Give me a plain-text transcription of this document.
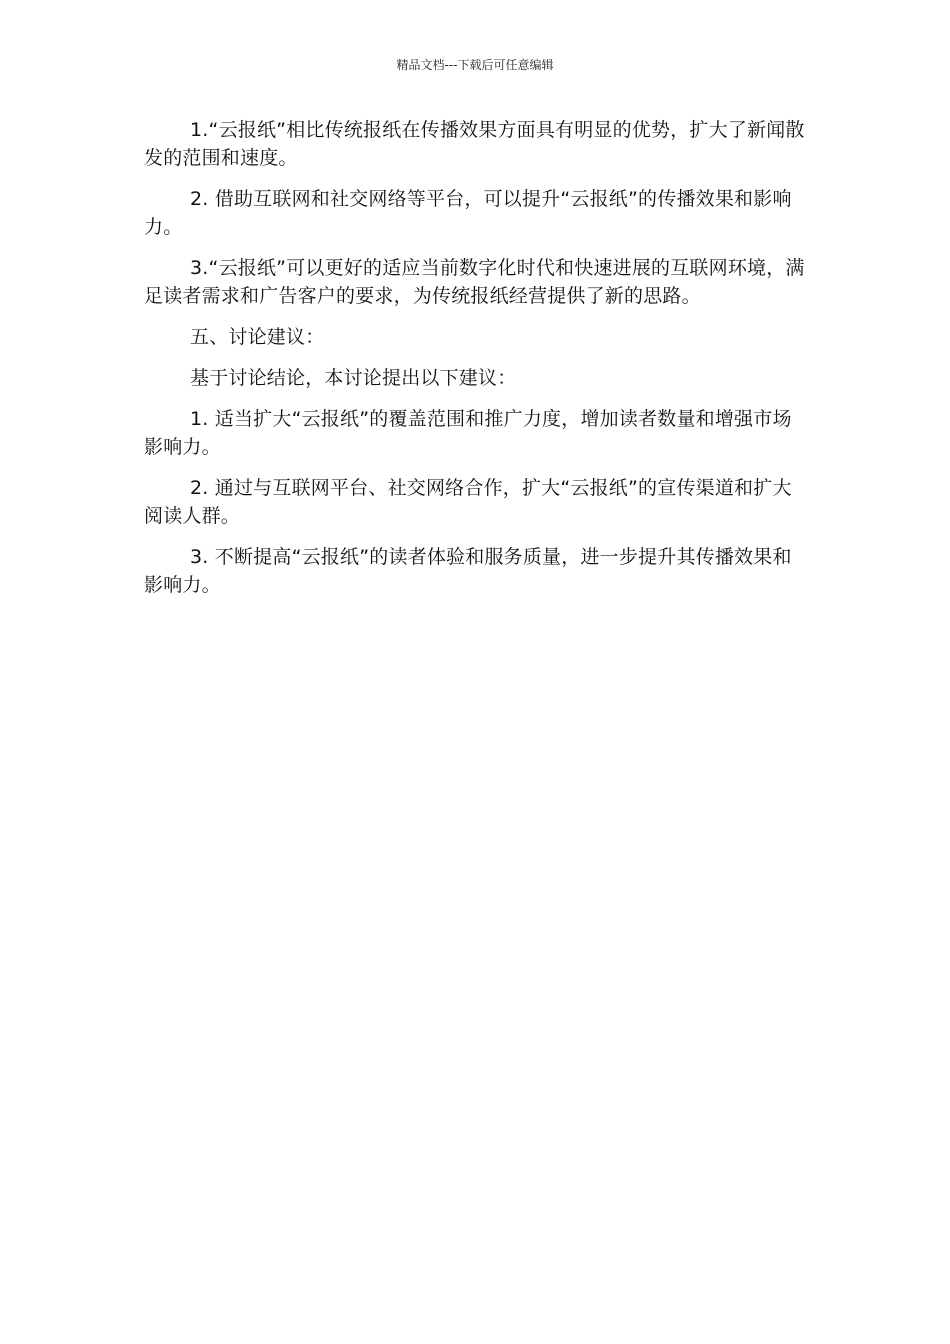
精品文档---下载后可任意编辑

1.“云报纸”相比传统报纸在传播效果方面具有明显的优势，扩大了新闻散发的范围和速度。

2. 借助互联网和社交网络等平台，可以提升“云报纸”的传播效果和影响力。

3.“云报纸”可以更好的适应当前数字化时代和快速进展的互联网环境，满足读者需求和广告客户的要求，为传统报纸经营提供了新的思路。

五、讨论建议：

基于讨论结论，本讨论提出以下建议：

1. 适当扩大“云报纸”的覆盖范围和推广力度，增加读者数量和增强市场影响力。

2. 通过与互联网平台、社交网络合作，扩大“云报纸”的宣传渠道和扩大阅读人群。

3. 不断提高“云报纸”的读者体验和服务质量，进一步提升其传播效果和影响力。
